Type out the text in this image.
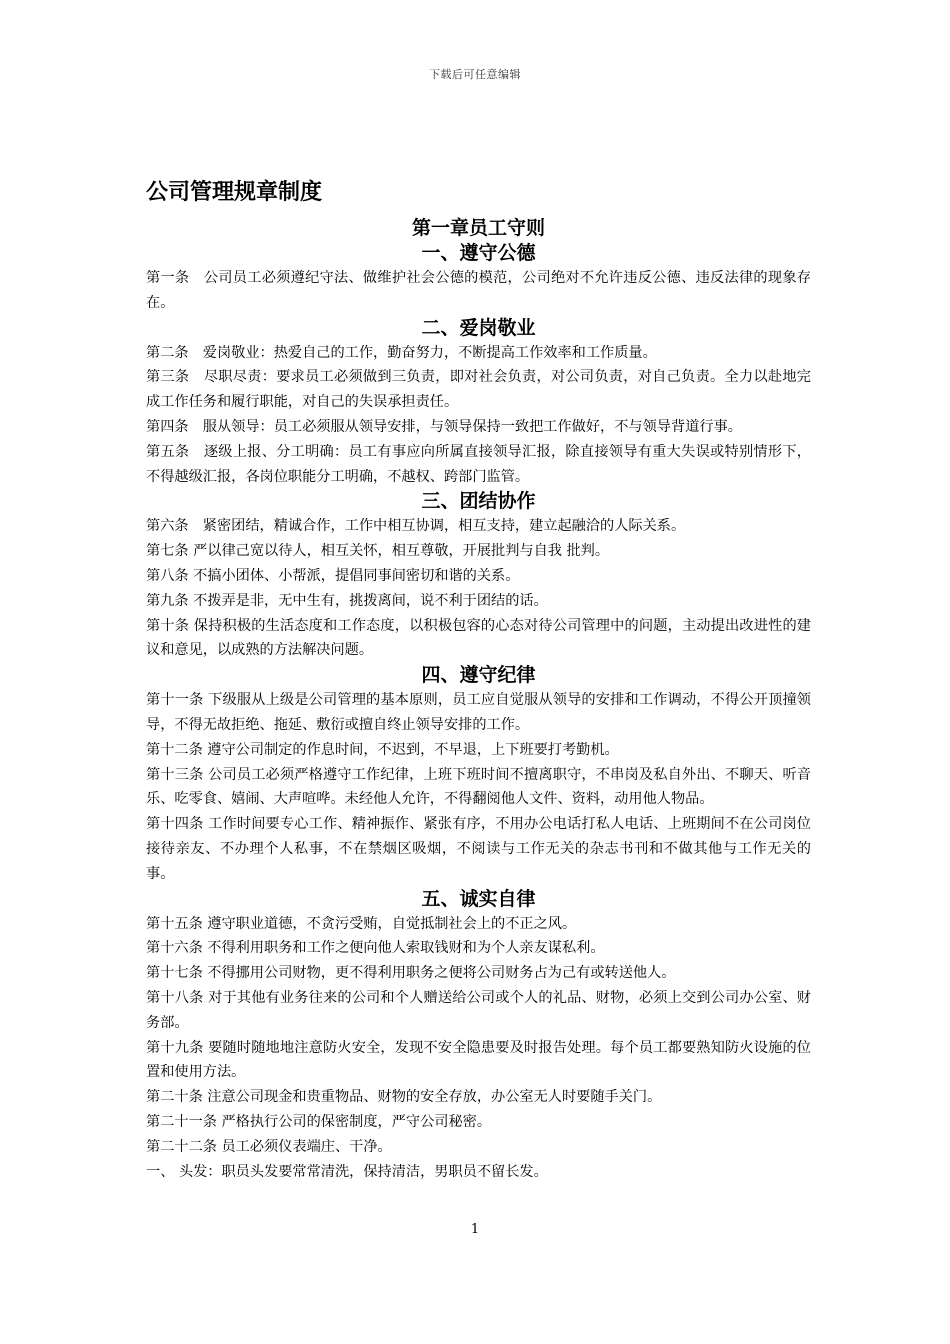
下载后可任意编辑
公司管理规章制度
第一章员工守则
一、遵守公德

第一条　公司员工必须遵纪守法、做维护社会公德的模范，公司绝对不允许违反公德、违反法律的现象存在。

二、爱岗敬业

第二条　爱岗敬业：热爱自己的工作，勤奋努力，不断提高工作效率和工作质量。

第三条　尽职尽责：要求员工必须做到三负责，即对社会负责，对公司负责，对自己负责。全力以赴地完成工作任务和履行职能，对自己的失误承担责任。

第四条　服从领导：员工必须服从领导安排，与领导保持一致把工作做好，不与领导背道行事。

第五条　逐级上报、分工明确：员工有事应向所属直接领导汇报，除直接领导有重大失误或特别情形下，不得越级汇报，各岗位职能分工明确，不越权、跨部门监管。

三、团结协作

第六条　紧密团结，精诚合作，工作中相互协调，相互支持，建立起融洽的人际关系。

第七条 严以律己宽以待人，相互关怀，相互尊敬，开展批判与自我 批判。

第八条 不搞小团体、小帮派，提倡同事间密切和谐的关系。

第九条 不拨弄是非，无中生有，挑拨离间，说不利于团结的话。

第十条 保持积极的生活态度和工作态度，以积极包容的心态对待公司管理中的问题，主动提出改进性的建议和意见，以成熟的方法解决问题。

四、遵守纪律

第十一条 下级服从上级是公司管理的基本原则，员工应自觉服从领导的安排和工作调动，不得公开顶撞领导，不得无故拒绝、拖延、敷衍或擅自终止领导安排的工作。

第十二条 遵守公司制定的作息时间，不迟到，不早退，上下班要打考勤机。

第十三条 公司员工必须严格遵守工作纪律，上班下班时间不擅离职守，不串岗及私自外出、不聊天、听音乐、吃零食、嬉闹、大声喧哗。未经他人允许，不得翻阅他人文件、资料，动用他人物品。

第十四条 工作时间要专心工作、精神振作、紧张有序，不用办公电话打私人电话、上班期间不在公司岗位接待亲友、不办理个人私事，不在禁烟区吸烟，不阅读与工作无关的杂志书刊和不做其他与工作无关的事。

五、诚实自律

第十五条 遵守职业道德，不贪污受贿，自觉抵制社会上的不正之风。

第十六条 不得利用职务和工作之便向他人索取钱财和为个人亲友谋私利。

第十七条 不得挪用公司财物，更不得利用职务之便将公司财务占为己有或转送他人。

第十八条 对于其他有业务往来的公司和个人赠送给公司或个人的礼品、财物，必须上交到公司办公室、财务部。

第十九条 要随时随地地注意防火安全，发现不安全隐患要及时报告处理。每个员工都要熟知防火设施的位置和使用方法。

第二十条 注意公司现金和贵重物品、财物的安全存放，办公室无人时要随手关门。

第二十一条 严格执行公司的保密制度，严守公司秘密。

第二十二条 员工必须仪表端庄、干净。

一、 头发：职员头发要常常清洗，保持清洁，男职员不留长发。

1
